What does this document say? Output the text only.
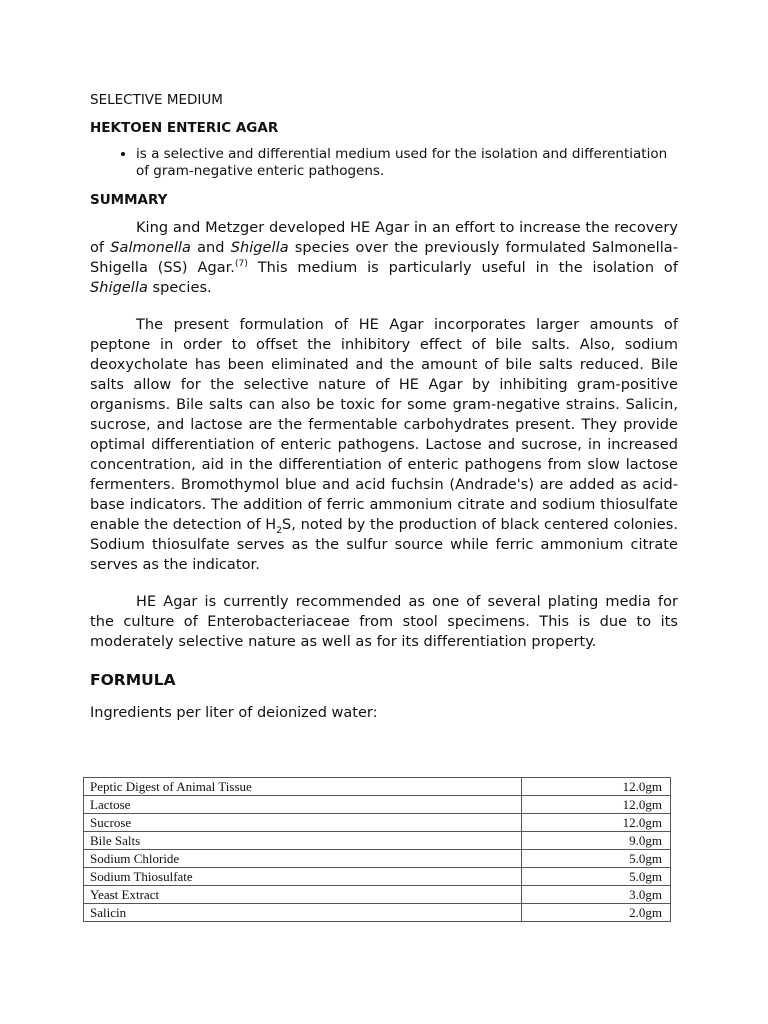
SELECTIVE MEDIUM
HEKTOEN ENTERIC AGAR
• is a selective and differential medium used for the isolation and differentiation of gram-negative enteric pathogens.
SUMMARY

King and Metzger developed HE Agar in an effort to increase the recovery of Salmonella and Shigella species over the previously formulated Salmonella-Shigella (SS) Agar.$^{(7)}$ This medium is particularly useful in the isolation of Shigella species.

The present formulation of HE Agar incorporates larger amounts of peptone in order to offset the inhibitory effect of bile salts. Also, sodium deoxycholate has been eliminated and the amount of bile salts reduced. Bile salts allow for the selective nature of HE Agar by inhibiting gram-positive organisms. Bile salts can also be toxic for some gram-negative strains. Salicin, sucrose, and lactose are the fermentable carbohydrates present. They provide optimal differentiation of enteric pathogens. Lactose and sucrose, in increased concentration, aid in the differentiation of enteric pathogens from slow lactose fermenters. Bromothymol blue and acid fuchsin (Andrade's) are added as acid-base indicators. The addition of ferric ammonium citrate and sodium thiosulfate enable the detection of $H_2S$, noted by the production of black centered colonies. Sodium thiosulfate serves as the sulfur source while ferric ammonium citrate serves as the indicator.

HE Agar is currently recommended as one of several plating media for the culture of Enterobacteriaceae from stool specimens. This is due to its moderately selective nature as well as for its differentiation property.

FORMULA

Ingredients per liter of deionized water:

Peptic Digest of Animal Tissue	12.0gm
Lactose	12.0gm
Sucrose	12.0gm
Bile Salts	9.0gm
Sodium Chloride	5.0gm
Sodium Thiosulfate	5.0gm
Yeast Extract	3.0gm
Salicin	2.0gm
